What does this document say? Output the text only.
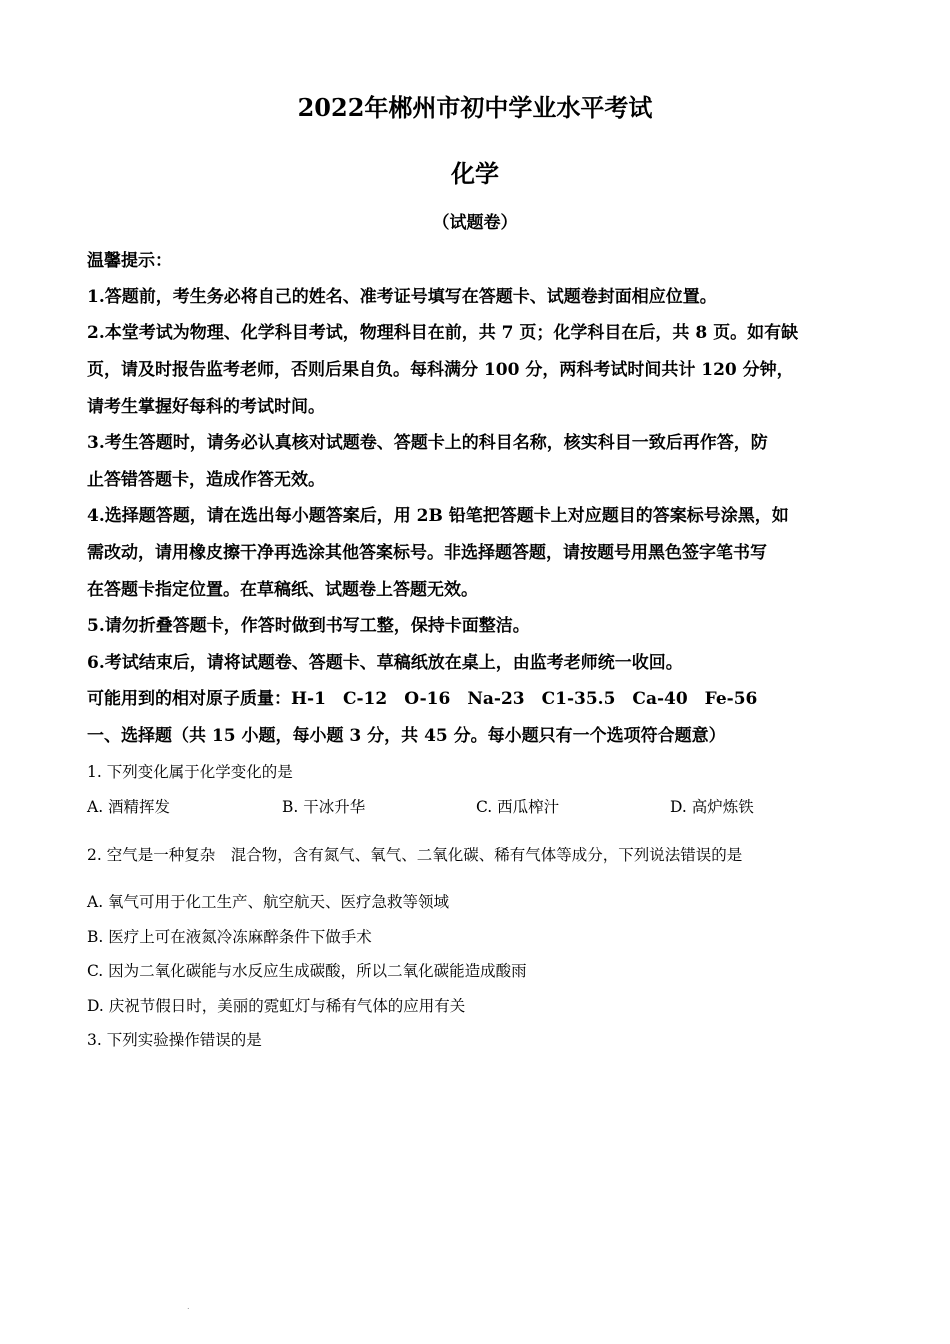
2022年郴州市初中学业水平考试
化学
（试题卷）
温馨提示：
1.答题前，考生务必将自己的姓名、准考证号填写在答题卡、试题卷封面相应位置。
2.本堂考试为物理、化学科目考试，物理科目在前，共 7 页；化学科目在后，共 8 页。如有缺
页，请及时报告监考老师，否则后果自负。每科满分 100 分，两科考试时间共计 120 分钟，
请考生掌握好每科的考试时间。
3.考生答题时，请务必认真核对试题卷、答题卡上的科目名称，核实科目一致后再作答，防
止答错答题卡，造成作答无效。
4.选择题答题，请在选出每小题答案后，用 2B 铅笔把答题卡上对应题目的答案标号涂黑，如
需改动，请用橡皮擦干净再选涂其他答案标号。非选择题答题，请按题号用黑色签字笔书写
在答题卡指定位置。在草稿纸、试题卷上答题无效。
5.请勿折叠答题卡，作答时做到书写工整，保持卡面整洁。
6.考试结束后，请将试题卷、答题卡、草稿纸放在桌上，由监考老师统一收回。
可能用到的相对原子质量：H-1　C-12　O-16　Na-23　C1-35.5　Ca-40　Fe-56
一、选择题（共 15 小题，每小题 3 分，共 45 分。每小题只有一个选项符合题意）
1. 下列变化属于化学变化的是
A. 酒精挥发	B. 干冰升华	C. 西瓜榨汁	D. 高炉炼铁
2. 空气是一种复杂　混合物，含有氮气、氧气、二氧化碳、稀有气体等成分，下列说法错误的是
A. 氧气可用于化工生产、航空航天、医疗急救等领域
B. 医疗上可在液氮冷冻麻醉条件下做手术
C. 因为二氧化碳能与水反应生成碳酸，所以二氧化碳能造成酸雨
D. 庆祝节假日时，美丽的霓虹灯与稀有气体的应用有关
3. 下列实验操作错误的是
.
